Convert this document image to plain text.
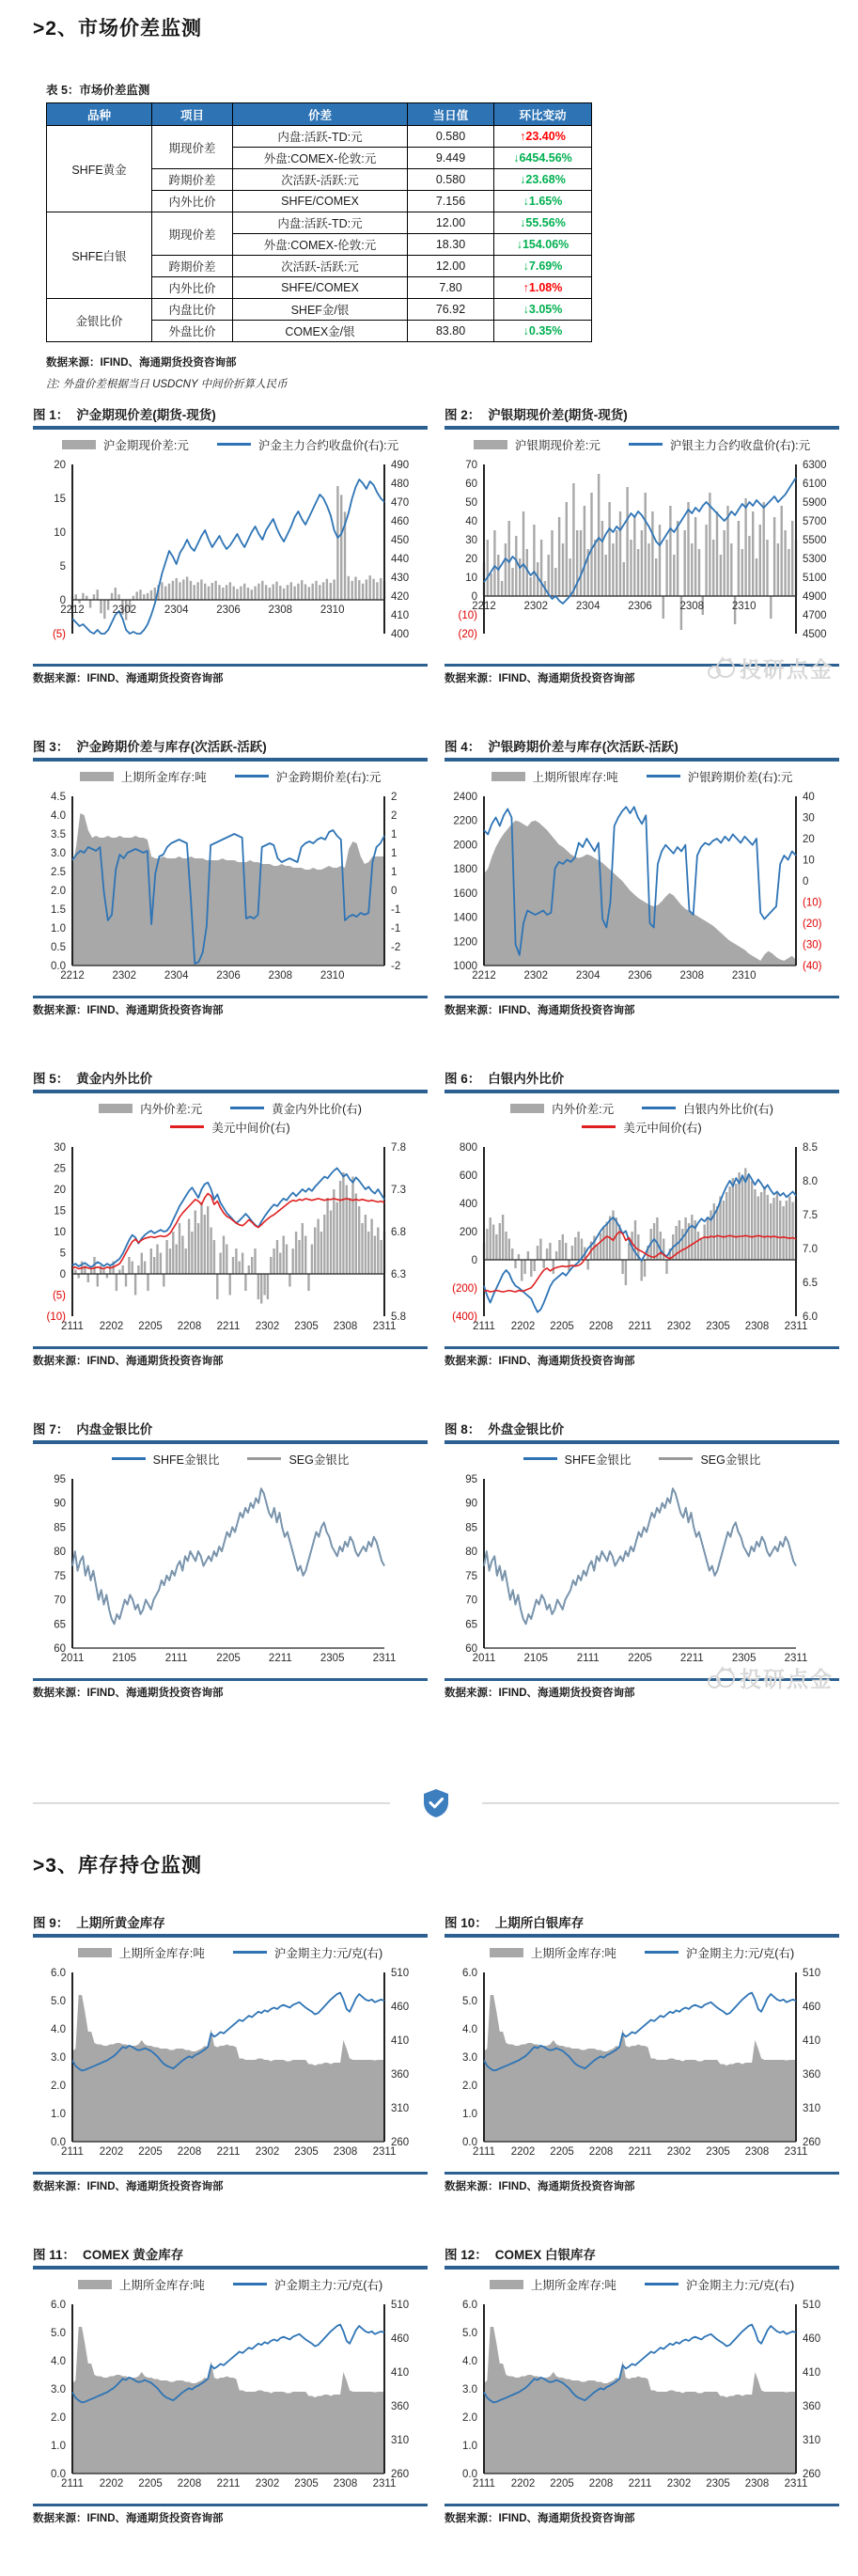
>2、市场价差监测
表 5：市场价差监测
品种	项目	价差	当日值	环比变动
SHFE黄金	期现价差	内盘:活跃-TD:元	0.580	↑23.40%
		外盘:COMEX-伦敦:元	9.449	↓6454.56%
	跨期价差	次活跃-活跃:元	0.580	↓23.68%
	内外比价	SHFE/COMEX	7.156	↓1.65%
SHFE白银	期现价差	内盘:活跃-TD:元	12.00	↓55.56%
		外盘:COMEX-伦敦:元	18.30	↓154.06%
	跨期价差	次活跃-活跃:元	12.00	↓7.69%
	内外比价	SHFE/COMEX	7.80	↑1.08%
金银比价	内盘比价	SHEF金/银	76.92	↓3.05%
	外盘比价	COMEX金/银	83.80	↓0.35%
数据来源：IFIND、海通期货投资咨询部
注: 外盘价差根据当日 USDCNY 中间价折算人民币
图 1： 沪金期现价差(期货-现货)
沪金期现价差:元	沪金主力合约收盘价(右):元
20
15
10
5
0
(5)
490
480
470
460
450
440
430
420
410
400
2212	2302	2304	2306	2308	2310
数据来源：IFIND、海通期货投资咨询部
图 2： 沪银期现价差(期货-现货)
沪银期现价差:元	沪银主力合约收盘价(右):元
70
60
50
40
30
20
10
0
(10)
(20)
6300
6100
5900
5700
5500
5300
5100
4900
4700
4500
2212	2302	2304	2306	2308	2310
数据来源：IFIND、海通期货投资咨询部
图 3： 沪金跨期价差与库存(次活跃-活跃)
上期所金库存:吨	沪金跨期价差(右):元
4.5
4.0
3.5
3.0
2.5
2.0
1.5
1.0
0.5
0.0
2
2
1
1
1
0
-1
-1
-2
-2
2212	2302	2304	2306	2308	2310
数据来源：IFIND、海通期货投资咨询部
图 4： 沪银跨期价差与库存(次活跃-活跃)
上期所银库存:吨	沪银跨期价差(右):元
2400
2200
2000
1800
1600
1400
1200
1000
40
30
20
10
0
(10)
(20)
(30)
(40)
2212	2302	2304	2306	2308	2310
数据来源：IFIND、海通期货投资咨询部
图 5： 黄金内外比价
内外价差:元	黄金内外比价(右)
美元中间价(右)
30
25
20
15
10
5
0
(5)
(10)
7.8
7.3
6.8
6.3
5.8
2111 2202 2205 2208 2211 2302 2305 2308 2311
数据来源：IFIND、海通期货投资咨询部
图 6： 白银内外比价
内外价差:元	白银内外比价(右)
美元中间价(右)
800
600
400
200
0
(200)
(400)
8.5
8.0
7.5
7.0
6.5
6.0
2111 2202 2205 2208 2211 2302 2305 2308 2311
数据来源：IFIND、海通期货投资咨询部
图 7： 内盘金银比价
SHFE金银比	SEG金银比
95
90
85
80
75
70
65
60
2011	2105	2111	2205	2211	2305	2311
数据来源：IFIND、海通期货投资咨询部
图 8： 外盘金银比价
SHFE金银比	SEG金银比
95
90
85
80
75
70
65
60
2011	2105	2111	2205	2211	2305	2311
数据来源：IFIND、海通期货投资咨询部
>3、库存持仓监测
图 9： 上期所黄金库存
上期所金库存:吨	沪金期主力:元/克(右)
6.0
5.0
4.0
3.0
2.0
1.0
0.0
510
460
410
360
310
260
2111 2202 2205 2208 2211 2302 2305 2308 2311
数据来源：IFIND、海通期货投资咨询部
图 10： 上期所白银库存
上期所金库存:吨	沪金期主力:元/克(右)
6.0
5.0
4.0
3.0
2.0
1.0
0.0
510
460
410
360
310
260
2111 2202 2205 2208 2211 2302 2305 2308 2311
数据来源：IFIND、海通期货投资咨询部
图 11： COMEX 黄金库存
上期所金库存:吨	沪金期主力:元/克(右)
6.0
5.0
4.0
3.0
2.0
1.0
0.0
510
460
410
360
310
260
2111 2202 2205 2208 2211 2302 2305 2308 2311
数据来源：IFIND、海通期货投资咨询部
图 12： COMEX 白银库存
上期所金库存:吨	沪金期主力:元/克(右)
6.0
5.0
4.0
3.0
2.0
1.0
0.0
510
460
410
360
310
260
2111 2202 2205 2208 2211 2302 2305 2308 2311
数据来源：IFIND、海通期货投资咨询部
投研点金
投研点金
